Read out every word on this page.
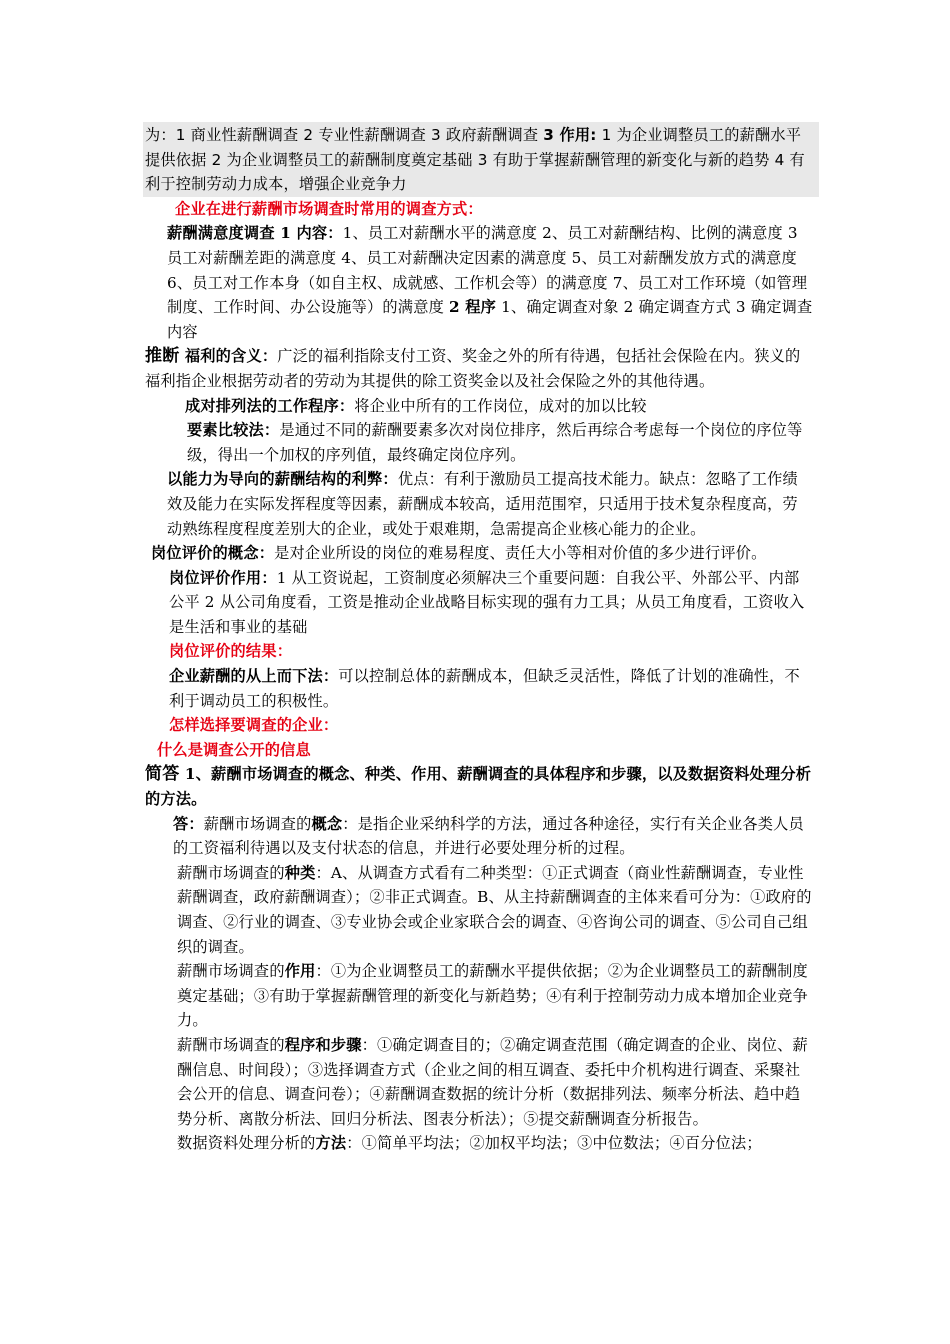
为：1 商业性薪酬调查 2 专业性薪酬调查 3 政府薪酬调查 3 作用: 1 为企业调整员工的薪酬水平提供依据 2 为企业调整员工的薪酬制度奠定基础 3 有助于掌握薪酬管理的新变化与新的趋势 4 有利于控制劳动力成本，增强企业竞争力

企业在进行薪酬市场调查时常用的调查方式：

薪酬满意度调查 1 内容：1、员工对薪酬水平的满意度 2、员工对薪酬结构、比例的满意度 3 员工对薪酬差距的满意度 4、员工对薪酬决定因素的满意度 5、员工对薪酬发放方式的满意度 6、员工对工作本身（如自主权、成就感、工作机会等）的满意度 7、员工对工作环境（如管理制度、工作时间、办公设施等）的满意度 2 程序 1、确定调查对象 2 确定调查方式 3 确定调查内容

推断 福利的含义：广泛的福利指除支付工资、奖金之外的所有待遇，包括社会保险在内。狭义的福利指企业根据劳动者的劳动为其提供的除工资奖金以及社会保险之外的其他待遇。

成对排列法的工作程序：将企业中所有的工作岗位，成对的加以比较

要素比较法：是通过不同的薪酬要素多次对岗位排序，然后再综合考虑每一个岗位的序位等级，得出一个加权的序列值，最终确定岗位序列。

以能力为导向的薪酬结构的利弊：优点：有利于激励员工提高技术能力。缺点：忽略了工作绩效及能力在实际发挥程度等因素，薪酬成本较高，适用范围窄，只适用于技术复杂程度高，劳动熟练程度程度差别大的企业，或处于艰难期，急需提高企业核心能力的企业。

岗位评价的概念：是对企业所设的岗位的难易程度、责任大小等相对价值的多少进行评价。

岗位评价作用：1 从工资说起，工资制度必须解决三个重要问题：自我公平、外部公平、内部公平 2 从公司角度看，工资是推动企业战略目标实现的强有力工具；从员工角度看，工资收入是生活和事业的基础

岗位评价的结果：

企业薪酬的从上而下法：可以控制总体的薪酬成本，但缺乏灵活性，降低了计划的准确性，不利于调动员工的积极性。

怎样选择要调查的企业：

什么是调查公开的信息

简答 1、薪酬市场调查的概念、种类、作用、薪酬调查的具体程序和步骤，以及数据资料处理分析的方法。

答：薪酬市场调查的概念：是指企业采纳科学的方法，通过各种途径，实行有关企业各类人员的工资福利待遇以及支付状态的信息，并进行必要处理分析的过程。

薪酬市场调查的种类：A、从调查方式看有二种类型：①正式调查（商业性薪酬调查，专业性薪酬调查，政府薪酬调查）；②非正式调查。B、从主持薪酬调查的主体来看可分为：①政府的调查、②行业的调查、③专业协会或企业家联合会的调查、④咨询公司的调查、⑤公司自己组织的调查。

薪酬市场调查的作用：①为企业调整员工的薪酬水平提供依据；②为企业调整员工的薪酬制度奠定基础；③有助于掌握薪酬管理的新变化与新趋势；④有利于控制劳动力成本增加企业竞争力。

薪酬市场调查的程序和步骤：①确定调查目的；②确定调查范围（确定调查的企业、岗位、薪酬信息、时间段）；③选择调查方式（企业之间的相互调查、委托中介机构进行调查、采聚社会公开的信息、调查问卷）；④薪酬调查数据的统计分析（数据排列法、频率分析法、趋中趋势分析、离散分析法、回归分析法、图表分析法）；⑤提交薪酬调查分析报告。

数据资料处理分析的方法：①简单平均法；②加权平均法；③中位数法；④百分位法；
